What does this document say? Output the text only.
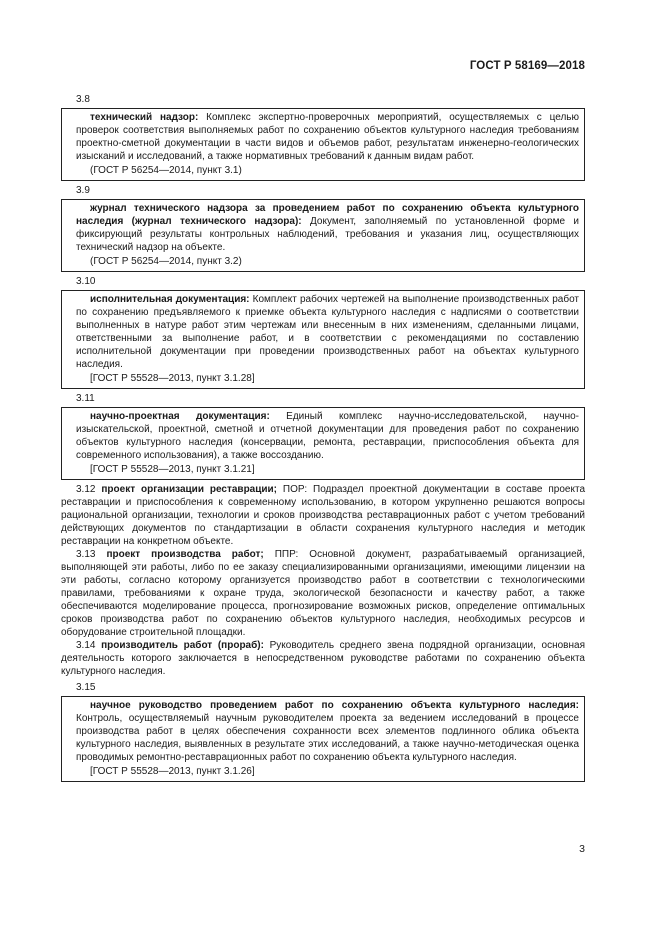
ГОСТ Р 58169—2018
3.8

технический надзор: Комплекс экспертно-проверочных мероприятий, осуществляемых с целью проверок соответствия выполняемых работ по сохранению объектов культурного наследия требованиям проектно-сметной документации в части видов и объемов работ, результатам инженерно-геологических изысканий и исследований, а также нормативных требований к данным видам работ.

(ГОСТ Р 56254—2014, пункт 3.1)

3.9

журнал технического надзора за проведением работ по сохранению объекта культурного наследия (журнал технического надзора): Документ, заполняемый по установленной форме и фиксирующий результаты контрольных наблюдений, требования и указания лиц, осуществляющих технический надзор на объекте.

(ГОСТ Р 56254—2014, пункт 3.2)

3.10

исполнительная документация: Комплект рабочих чертежей на выполнение производственных работ по сохранению предъявляемого к приемке объекта культурного наследия с надписями о соответствии выполненных в натуре работ этим чертежам или внесенным в них изменениям, сделанными лицами, ответственными за выполнение работ, и в соответствии с рекомендациями по составлению исполнительной документации при проведении производственных работ на объектах культурного наследия.

[ГОСТ Р 55528—2013, пункт 3.1.28]

3.11

научно-проектная документация: Единый комплекс научно-исследовательской, научно-изыскательской, проектной, сметной и отчетной документации для проведения работ по сохранению объектов культурного наследия (консервации, ремонта, реставрации, приспособления объекта для современного использования), а также воссозданию.

[ГОСТ Р 55528—2013, пункт 3.1.21]

3.12 проект организации реставрации; ПОР: Подраздел проектной документации в составе проекта реставрации и приспособления к современному использованию, в котором укрупненно решаются вопросы рациональной организации, технологии и сроков производства реставрационных работ с учетом требований действующих документов по стандартизации в области сохранения культурного наследия и методик реставрации на конкретном объекте.

3.13 проект производства работ; ППР: Основной документ, разрабатываемый организацией, выполняющей эти работы, либо по ее заказу специализированными организациями, имеющими лицензии на эти работы, согласно которому организуется производство работ в соответствии с технологическими правилами, требованиями к охране труда, экологической безопасности и качеству работ, а также обеспечиваются моделирование процесса, прогнозирование возможных рисков, определение оптимальных сроков производства работ по сохранению объектов культурного наследия, необходимых ресурсов и оборудование строительной площадки.

3.14 производитель работ (прораб): Руководитель среднего звена подрядной организации, основная деятельность которого заключается в непосредственном руководстве работами по сохранению объекта культурного наследия.

3.15

научное руководство проведением работ по сохранению объекта культурного наследия: Контроль, осуществляемый научным руководителем проекта за ведением исследований в процессе производства работ в целях обеспечения сохранности всех элементов подлинного облика объекта культурного наследия, выявленных в результате этих исследований, а также научно-методическая оценка проводимых ремонтно-реставрационных работ по сохранению объекта культурного наследия.

[ГОСТ Р 55528—2013, пункт 3.1.26]

3
